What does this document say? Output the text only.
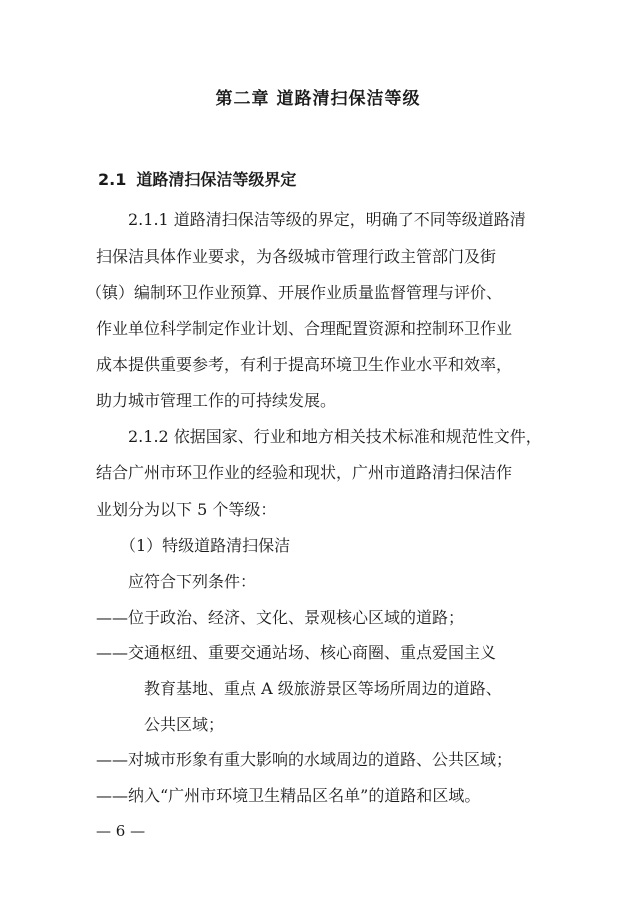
第二章 道路清扫保洁等级
2.1 道路清扫保洁等级界定
2.1.1 道路清扫保洁等级的界定，明确了不同等级道路清
扫保洁具体作业要求，为各级城市管理行政主管部门及街
（镇）编制环卫作业预算、开展作业质量监督管理与评价、
作业单位科学制定作业计划、合理配置资源和控制环卫作业
成本提供重要参考，有利于提高环境卫生作业水平和效率，
助力城市管理工作的可持续发展。
2.1.2 依据国家、行业和地方相关技术标准和规范性文件，
结合广州市环卫作业的经验和现状，广州市道路清扫保洁作
业划分为以下 5 个等级：
（1）特级道路清扫保洁
应符合下列条件：
——位于政治、经济、文化、景观核心区域的道路；
——交通枢纽、重要交通站场、核心商圈、重点爱国主义
教育基地、重点 A 级旅游景区等场所周边的道路、
公共区域；
——对城市形象有重大影响的水域周边的道路、公共区域；
——纳入“广州市环境卫生精品区名单”的道路和区域。
— 6 —
